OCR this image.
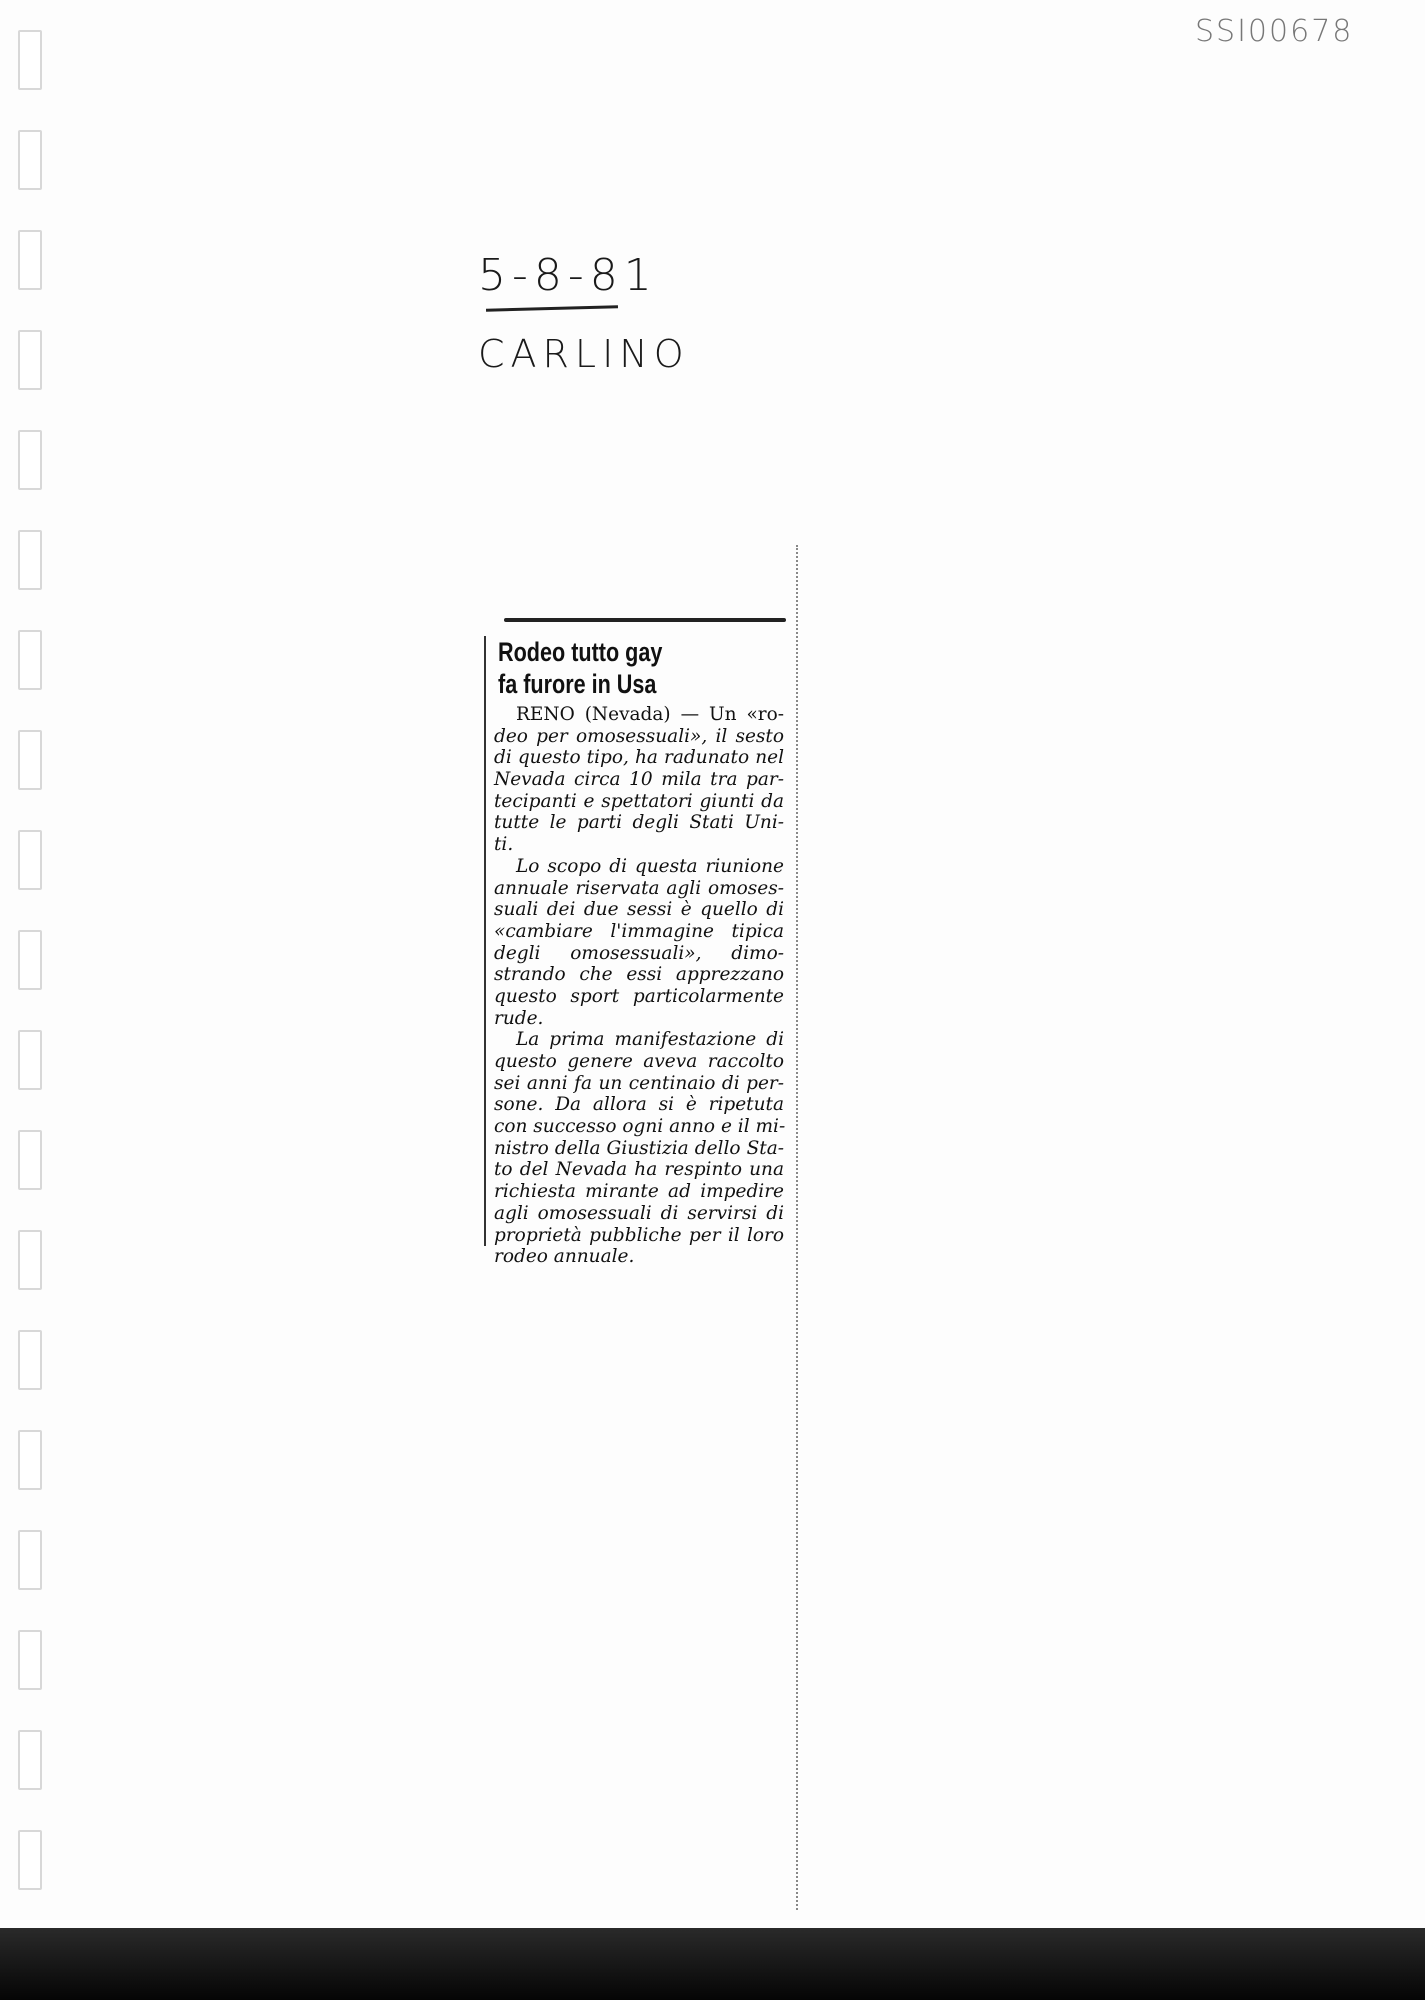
SSI00678
5-8-81
CARLINO
Rodeo tutto gay
fa furore in Usa
RENO (Nevada) — Un «ro-
deo per omosessuali», il sesto
di questo tipo, ha radunato nel
Nevada circa 10 mila tra par-
tecipanti e spettatori giunti da
tutte le parti degli Stati Uni-
ti.
Lo scopo di questa riunione
annuale riservata agli omoses-
suali dei due sessi è quello di
«cambiare l'immagine tipica
degli omosessuali», dimo-
strando che essi apprezzano
questo sport particolarmente
rude.
La prima manifestazione di
questo genere aveva raccolto
sei anni fa un centinaio di per-
sone. Da allora si è ripetuta
con successo ogni anno e il mi-
nistro della Giustizia dello Sta-
to del Nevada ha respinto una
richiesta mirante ad impedire
agli omosessuali di servirsi di
proprietà pubbliche per il loro
rodeo annuale.
